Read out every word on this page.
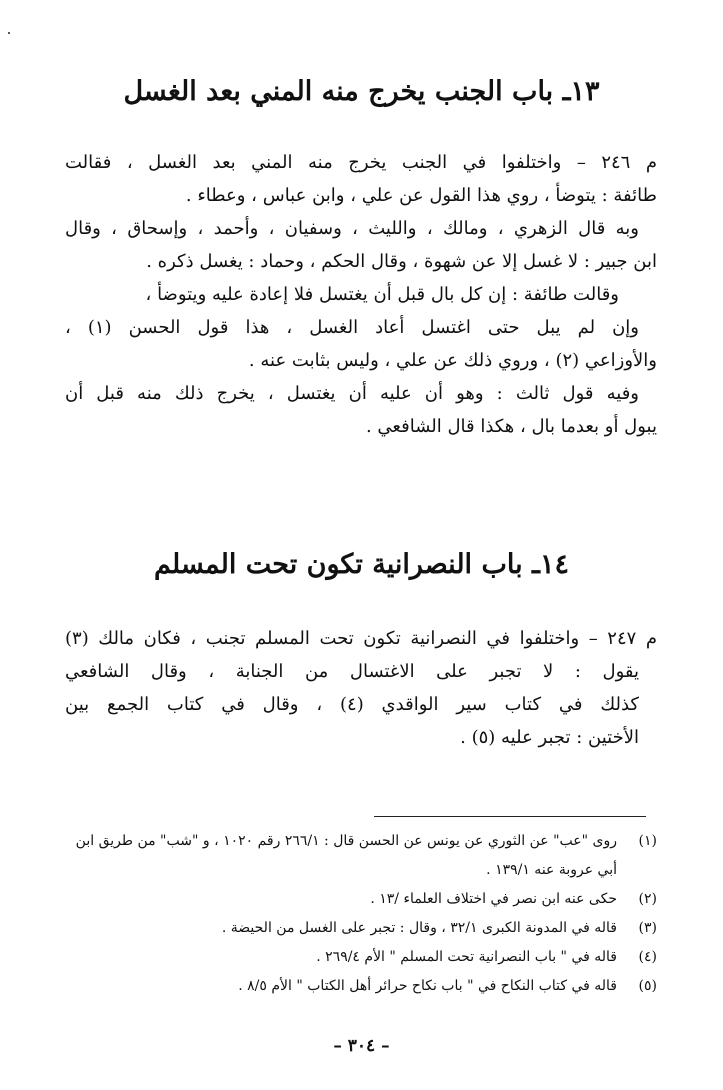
١٣ـ باب الجنب يخرج منه المني بعد الغسل
م ٢٤٦ – واختلفوا في الجنب يخرج منه المني بعد الغسل ، فقالت
طائفة : يتوضأ ، روي هذا القول عن علي ، وابن عباس ، وعطاء .
وبه قال الزهري ، ومالك ، والليث ، وسفيان ، وأحمد ، وإسحاق ، وقال
ابن جبير : لا غسل إلا عن شهوة ، وقال الحكم ، وحماد : يغسل ذكره .
وقالت طائفة : إن كل بال قبل أن يغتسل فلا إعادة عليه ويتوضأ ،
وإن لم يبل حتى اغتسل أعاد الغسل ، هذا قول الحسن (١) ،
والأوزاعي (٢) ، وروي ذلك عن علي ، وليس بثابت عنه .
وفيه قول ثالث : وهو أن عليه أن يغتسل ، يخرج ذلك منه قبل أن
يبول أو بعدما بال ، هكذا قال الشافعي .
١٤ـ باب النصرانية تكون تحت المسلم
م ٢٤٧ – واختلفوا في النصرانية تكون تحت المسلم تجنب ، فكان مالك (٣)
يقول : لا تجبر على الاغتسال من الجنابة ، وقال الشافعي
كذلك في كتاب سير الواقدي (٤) ، وقال في كتاب الجمع بين
الأختين : تجبر عليه (٥) .
(١)
روى "عب" عن الثوري عن يونس عن الحسن قال : ٢٦٦/١ رقم ١٠٢٠ ، و "شب" من طريق ابن أبي عروبة عنه ١٣٩/١ .
(٢)
حكى عنه ابن نصر في اختلاف العلماء /١٣ .
(٣)
قاله في المدونة الكبرى ٣٢/١ ، وقال : تجبر على الغسل من الحيضة .
(٤)
قاله في " باب النصرانية تحت المسلم " الأم ٢٦٩/٤ .
(٥)
قاله في كتاب النكاح في " باب نكاح حرائر أهل الكتاب " الأم ٨/٥ .

– ٣٠٤ –
